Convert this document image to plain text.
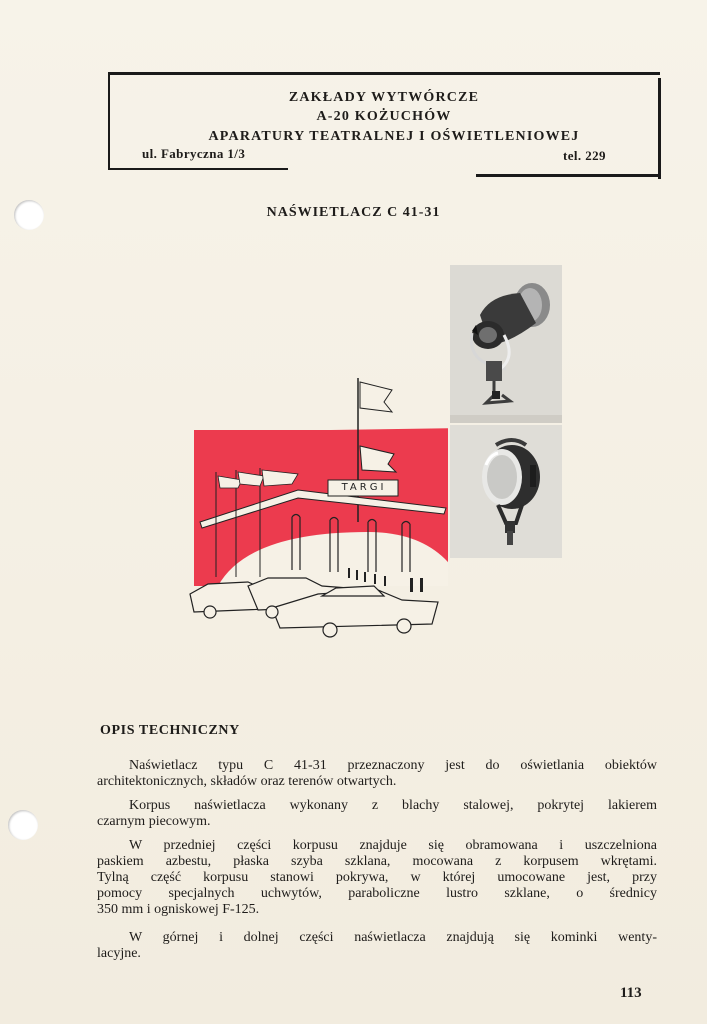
ZAKŁADY WYTWÓRCZE
A-20 KOŻUCHÓW
APARATURY TEATRALNEJ I OŚWIETLENIOWEJ
ul. Fabryczna 1/3	tel. 229
NAŚWIETLACZ C 41-31
TARGI
OPIS TECHNICZNY
Naświetlacz typu C 41-31 przeznaczony jest do oświetlania obiektów
architektonicznych, składów oraz terenów otwartych.
Korpus naświetlacza wykonany z blachy stalowej, pokrytej lakierem
czarnym piecowym.
W przedniej części korpusu znajduje się obramowana i uszczelniona
paskiem azbestu, płaska szyba szklana, mocowana z korpusem wkrętami.
Tylną część korpusu stanowi pokrywa, w której umocowane jest, przy
pomocy specjalnych uchwytów, paraboliczne lustro szklane, o średnicy
350 mm i ogniskowej F-125.
W górnej i dolnej części naświetlacza znajdują się kominki wenty-
lacyjne.
113
